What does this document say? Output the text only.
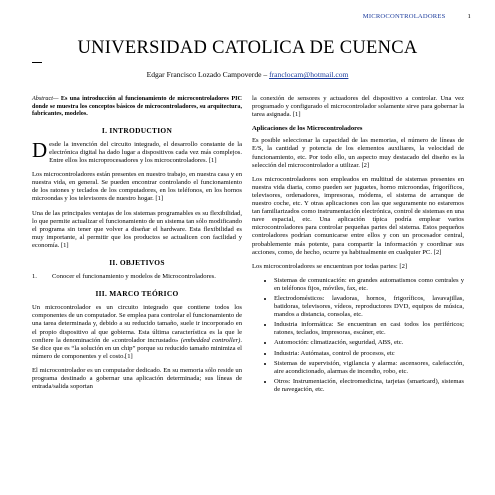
MICROCONTROLADORES	1
UNIVERSIDAD CATOLICA DE CUENCA
Edgar Francisco Lozado Campoverde – franclocam@hotmail.com
Abstract— Es una introducción al funcionamiento de microcontroladores PIC donde se muestra los conceptos básicos de microcontroladores, su arquitectura, fabricantes, modelos.
I. INTRODUCTION

Desde la invención del circuito integrado, el desarrollo constante de la electrónica digital ha dado lugar a dispositivos cada vez más complejos. Entre ellos los microprocesadores y los microcontroladores. [1]

Los microcontroladores están presentes en nuestro trabajo, en nuestra casa y en nuestra vida, en general. Se pueden encontrar controlando el funcionamiento de los ratones y teclados de los computadores, en los teléfonos, en los hornos microondas y los televisores de nuestro hogar. [1]

Una de las principales ventajas de los sistemas programables es su flexibilidad, lo que permite actualizar el funcionamiento de un sistema tan sólo modificando el programa sin tener que volver a diseñar el hardware. Esta flexibilidad es muy importante, al permitir que los productos se actualicen con facilidad y economía. [1]

II. OBJETIVOS
1.	Conocer el funcionamiento y modelos de Microcontroladores.
III. MARCO TEÓRICO

Un microcontrolador es un circuito integrado que contiene todos los componentes de un computador. Se emplea para controlar el funcionamiento de una tarea determinada y, debido a su reducido tamaño, suele ir incorporado en el propio dispositivo al que gobierna. Esta última característica es la que le confiere la denominación de «controlador incrustado» (embedded controller). Se dice que es “la solución en un chip” porque su reducido tamaño minimiza el número de componentes y el costo.[1]

El microcontrolador es un computador dedicado. En su memoria sólo reside un programa destinado a gobernar una aplicación determinada; sus líneas de entrada/salida soportan

la conexión de sensores y actuadores del dispositivo a controlar. Una vez programado y configurado el microcontrolador solamente sirve para gobernar la tarea asignada. [1]

Aplicaciones de los Microcontroladores

Es posible seleccionar la capacidad de las memorias, el número de líneas de E/S, la cantidad y potencia de los elementos auxiliares, la velocidad de funcionamiento, etc. Por todo ello, un aspecto muy destacado del diseño es la selección del microcontrolador a utilizar. [2]

Los microcontroladores son empleados en multitud de sistemas presentes en nuestra vida diaria, como pueden ser juguetes, horno microondas, frigoríficos, televisores, ordenadores, impresoras, módems, el sistema de arranque de nuestro coche, etc. Y otras aplicaciones con las que seguramente no estaremos tan familiarizados como instrumentación electrónica, control de sistemas en una nave espacial, etc. Una aplicación típica podría emplear varios microcontroladores para controlar pequeñas partes del sistema. Estos pequeños controladores podrían comunicarse entre ellos y con un procesador central, probablemente más potente, para compartir la información y coordinar sus acciones, como, de hecho, ocurre ya habitualmente en cualquier PC. [2]

Los microcontroladores se encuentran por todas partes: [2]

• Sistemas de comunicación: en grandes automatismos como centrales y en teléfonos fijos, móviles, fax, etc.
• Electrodomésticos: lavadoras, hornos, frigoríficos, lavavajillas, batidoras, televisores, vídeos, reproductores DVD, equipos de música, mandos a distancia, consolas, etc.
• Industria informática: Se encuentran en casi todos los periféricos; ratones, teclados, impresoras, escáner, etc.
• Automoción: climatización, seguridad, ABS, etc.
• Industria: Autómatas, control de procesos, etc
• Sistemas de supervisión, vigilancia y alarma: ascensores, calefacción, aire acondicionado, alarmas de incendio, robo, etc.
• Otros: Instrumentación, electromedicina, tarjetas (smartcard), sistemas de navegación, etc.
